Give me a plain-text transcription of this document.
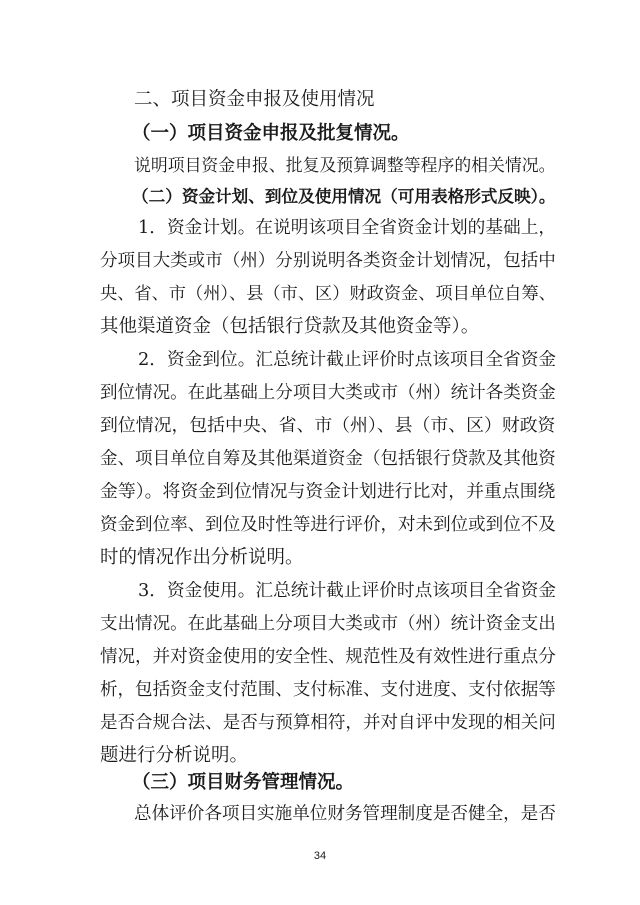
二、项目资金申报及使用情况
（一）项目资金申报及批复情况。
说明项目资金申报、批复及预算调整等程序的相关情况。
（二）资金计划、到位及使用情况（可用表格形式反映）。
1．资金计划。在说明该项目全省资金计划的基础上，
分项目大类或市（州）分别说明各类资金计划情况，包括中
央、省、市（州）、县（市、区）财政资金、项目单位自筹、
其他渠道资金（包括银行贷款及其他资金等）。
2．资金到位。汇总统计截止评价时点该项目全省资金
到位情况。在此基础上分项目大类或市（州）统计各类资金
到位情况，包括中央、省、市（州）、县（市、区）财政资
金、项目单位自筹及其他渠道资金（包括银行贷款及其他资
金等）。将资金到位情况与资金计划进行比对，并重点围绕
资金到位率、到位及时性等进行评价，对未到位或到位不及
时的情况作出分析说明。
3．资金使用。汇总统计截止评价时点该项目全省资金
支出情况。在此基础上分项目大类或市（州）统计资金支出
情况，并对资金使用的安全性、规范性及有效性进行重点分
析，包括资金支付范围、支付标准、支付进度、支付依据等
是否合规合法、是否与预算相符，并对自评中发现的相关问
题进行分析说明。
（三）项目财务管理情况。
总体评价各项目实施单位财务管理制度是否健全，是否
34
